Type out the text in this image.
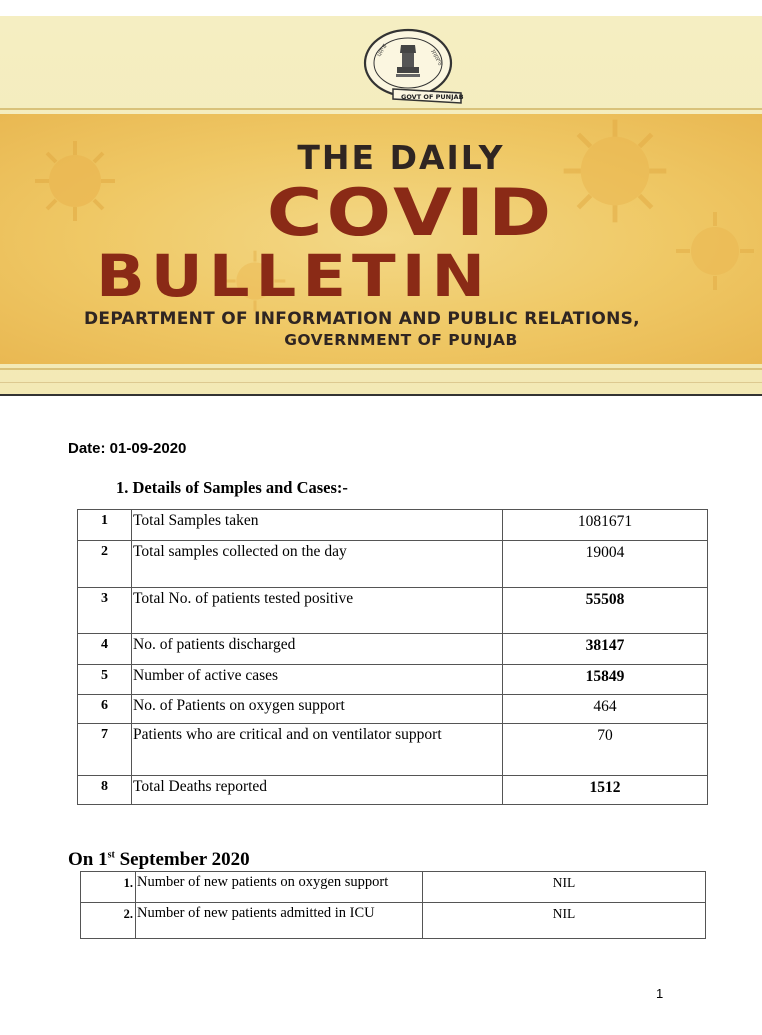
ਪੰਜਾਬ	ਸਰਕਾਰ
GOVT OF PUNJAB
THE DAILY
COVID
BULLETIN
DEPARTMENT OF INFORMATION AND PUBLIC RELATIONS,
GOVERNMENT OF PUNJAB
Date: 01-09-2020
1. Details of Samples and Cases:-
1	Total Samples taken	1081671
2	Total samples collected on the day	19004
3	Total No. of patients tested positive	55508
4	No. of patients discharged	38147
5	Number of active cases	15849
6	No. of Patients on oxygen support	464
7	Patients who are critical and on ventilator support	70
8	Total Deaths reported	1512
On 1st September 2020
1.	Number of new patients on oxygen support	NIL
2.	Number of new patients admitted in ICU	NIL
1
